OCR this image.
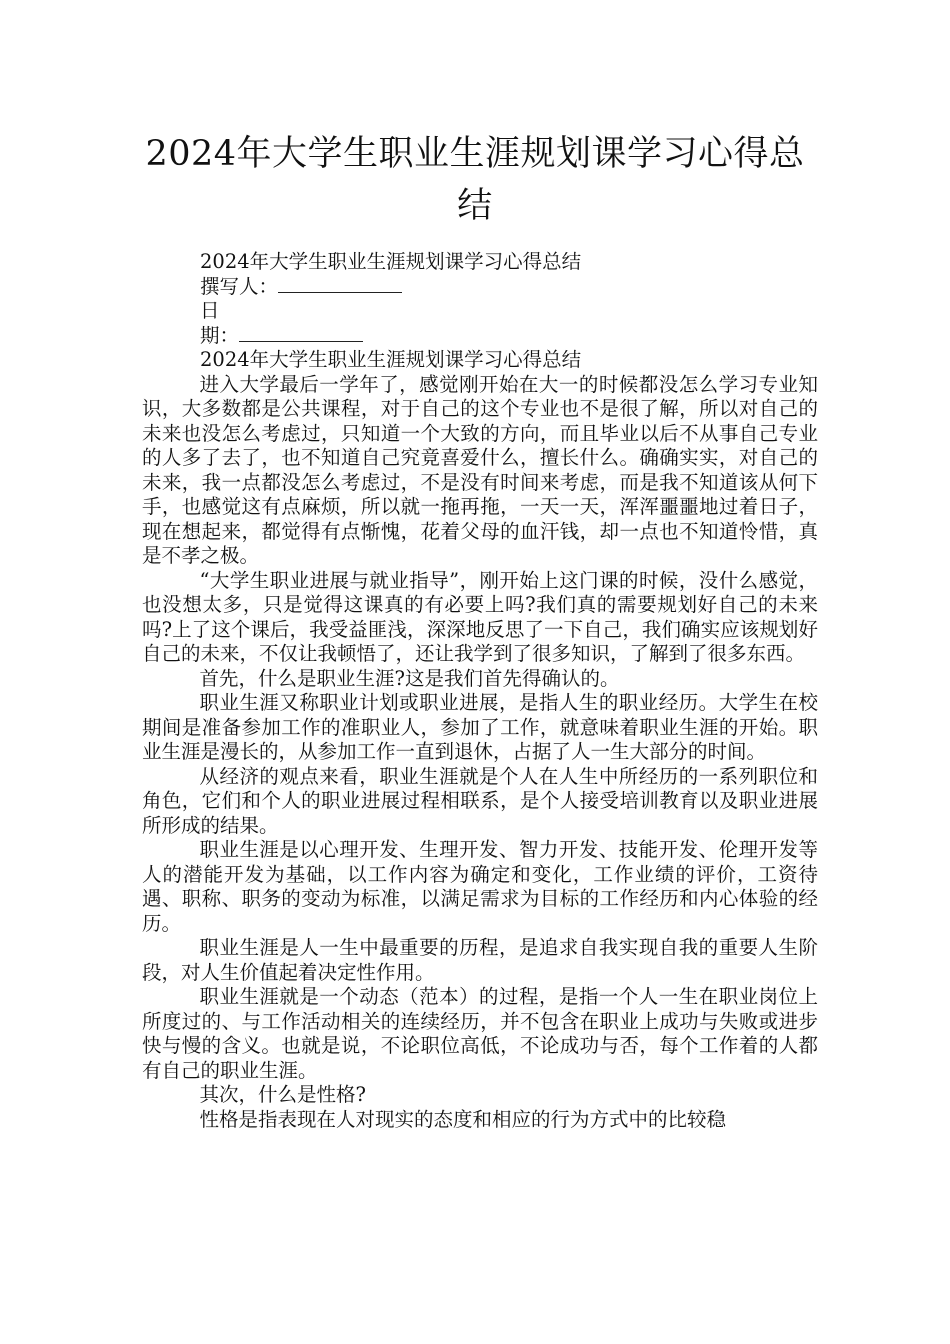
2024年大学生职业生涯规划课学习心得总结

2024年大学生职业生涯规划课学习心得总结

撰写人：

日

期：

2024年大学生职业生涯规划课学习心得总结

进入大学最后一学年了，感觉刚开始在大一的时候都没怎么学习专业知识，大多数都是公共课程，对于自己的这个专业也不是很了解，所以对自己的未来也没怎么考虑过，只知道一个大致的方向，而且毕业以后不从事自己专业的人多了去了，也不知道自己究竟喜爱什么，擅长什么。确确实实，对自己的未来，我一点都没怎么考虑过，不是没有时间来考虑，而是我不知道该从何下手，也感觉这有点麻烦，所以就一拖再拖，一天一天，浑浑噩噩地过着日子，现在想起来，都觉得有点惭愧，花着父母的血汗钱，却一点也不知道怜惜，真是不孝之极。

“大学生职业进展与就业指导”，刚开始上这门课的时候，没什么感觉，也没想太多，只是觉得这课真的有必要上吗?我们真的需要规划好自己的未来吗?上了这个课后，我受益匪浅，深深地反思了一下自己，我们确实应该规划好自己的未来，不仅让我顿悟了，还让我学到了很多知识，了解到了很多东西。

首先，什么是职业生涯?这是我们首先得确认的。

职业生涯又称职业计划或职业进展，是指人生的职业经历。大学生在校期间是准备参加工作的准职业人，参加了工作，就意味着职业生涯的开始。职业生涯是漫长的，从参加工作一直到退休，占据了人一生大部分的时间。

从经济的观点来看，职业生涯就是个人在人生中所经历的一系列职位和角色，它们和个人的职业进展过程相联系，是个人接受培训教育以及职业进展所形成的结果。

职业生涯是以心理开发、生理开发、智力开发、技能开发、伦理开发等人的潜能开发为基础，以工作内容为确定和变化，工作业绩的评价，工资待遇、职称、职务的变动为标准，以满足需求为目标的工作经历和内心体验的经历。

职业生涯是人一生中最重要的历程，是追求自我实现自我的重要人生阶段，对人生价值起着决定性作用。

职业生涯就是一个动态（范本）的过程，是指一个人一生在职业岗位上所度过的、与工作活动相关的连续经历，并不包含在职业上成功与失败或进步快与慢的含义。也就是说，不论职位高低，不论成功与否，每个工作着的人都有自己的职业生涯。

其次，什么是性格?

性格是指表现在人对现实的态度和相应的行为方式中的比较稳
